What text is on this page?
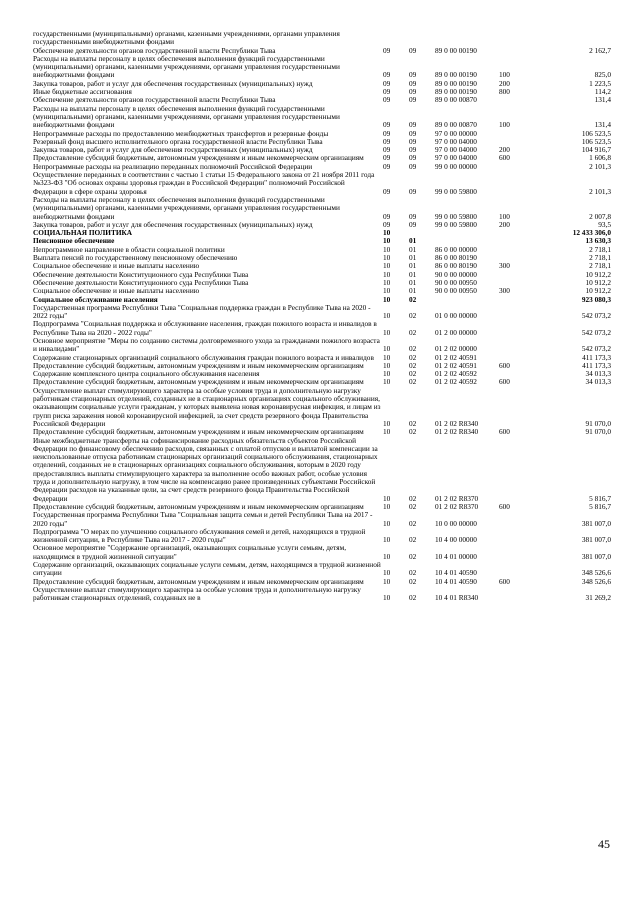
государственными (муниципальными) органами, казенными учреждениями, органами управления государственными внебюджетными фондами					
Обеспечение деятельности органов государственной власти Республики Тыва	09	09	89 0 00 00190		2 162,7
Расходы на выплаты персоналу в целях обеспечения выполнения функций государственными (муниципальными) органами, казенными учреждениями, органами управления государственными внебюджетными фондами	09	09	89 0 00 00190	100	825,0
Закупка товаров, работ и услуг для обеспечения государственных (муниципальных) нужд	09	09	89 0 00 00190	200	1 223,5
Иные бюджетные ассигнования	09	09	89 0 00 00190	800	114,2
Обеспечение деятельности органов государственной власти Республики Тыва	09	09	89 0 00 00870		131,4
Расходы на выплаты персоналу в целях обеспечения выполнения функций государственными (муниципальными) органами, казенными учреждениями, органами управления государственными внебюджетными фондами	09	09	89 0 00 00870	100	131,4
Непрограммные расходы по предоставлению межбюджетных трансфертов и резервные фонды	09	09	97 0 00 00000		106 523,5
Резервный фонд высшего исполнительного органа государственной власти Республики Тыва	09	09	97 0 00 04000		106 523,5
Закупка товаров, работ и услуг для обеспечения государственных (муниципальных) нужд	09	09	97 0 00 04000	200	104 916,7
Предоставление субсидий бюджетным, автономным учреждениям и иным некоммерческим организациям	09	09	97 0 00 04000	600	1 606,8
Непрограммные расходы на реализацию переданных полномочий Российской Федерации	09	09	99 0 00 00000		2 101,3
Осуществление переданных в соответствии с частью 1 статьи 15 Федерального закона от 21 ноября 2011 года №323-ФЗ "Об основах охраны здоровья граждан в Российской Федерации" полномочий Российской Федерации в сфере охраны здоровья	09	09	99 0 00 59800		2 101,3
Расходы на выплаты персоналу в целях обеспечения выполнения функций государственными (муниципальными) органами, казенными учреждениями, органами управления государственными внебюджетными фондами	09	09	99 0 00 59800	100	2 007,8
Закупка товаров, работ и услуг для обеспечения государственных (муниципальных) нужд	09	09	99 0 00 59800	200	93,5
СОЦИАЛЬНАЯ ПОЛИТИКА	10				12 433 306,0
Пенсионное обеспечение	10	01			13 630,3
Непрограммное направление в области социальной политики	10	01	86 0 00 00000		2 718,1
Выплата пенсий по государственному пенсионному обеспечению	10	01	86 0 00 80190		2 718,1
Социальное обеспечение и иные выплаты населению	10	01	86 0 00 80190	300	2 718,1
Обеспечение деятельности Конституционного суда Республики Тыва	10	01	90 0 00 00000		10 912,2
Обеспечение деятельности Конституционного суда Республики Тыва	10	01	90 0 00 00950		10 912,2
Социальное обеспечение и иные выплаты населению	10	01	90 0 00 00950	300	10 912,2
Социальное обслуживание населения	10	02			923 080,3
Государственная программа Республики Тыва "Социальная поддержка граждан в Республике Тыва на 2020 - 2022 годы"	10	02	01 0 00 00000		542 073,2
Подпрограмма "Социальная поддержка и обслуживание населения, граждан пожилого возраста и инвалидов в Республике Тыва на 2020 - 2022 годы"	10	02	01 2 00 00000		542 073,2
Основное мероприятие "Меры по созданию системы долговременного ухода за гражданами пожилого возраста и инвалидами"	10	02	01 2 02 00000		542 073,2
Содержание стационарных организаций социального обслуживания граждан пожилого возраста и инвалидов	10	02	01 2 02 40591		411 173,3
Предоставление субсидий бюджетным, автономным учреждениям и иным некоммерческим организациям	10	02	01 2 02 40591	600	411 173,3
Содержание комплексного центра социального обслуживания населения	10	02	01 2 02 40592		34 013,3
Предоставление субсидий бюджетным, автономным учреждениям и иным некоммерческим организациям	10	02	01 2 02 40592	600	34 013,3
Осуществление выплат стимулирующего характера за особые условия труда и дополнительную нагрузку работникам стационарных отделений, созданных не в стационарных организациях социального обслуживания, оказывающим социальные услуги гражданам, у которых выявлена новая коронавирусная инфекция, и лицам из групп риска заражения новой коронавирусной инфекцией, за счет средств резервного фонда Правительства Российской Федерации	10	02	01 2 02 R8340		91 070,0
Предоставление субсидий бюджетным, автономным учреждениям и иным некоммерческим организациям	10	02	01 2 02 R8340	600	91 070,0
Иные межбюджетные трансферты на софинансирование расходных обязательств субъектов Российской Федерации по финансовому обеспечению расходов, связанных с оплатой отпусков и выплатой компенсации за неиспользованные отпуска работникам стационарных организаций социального обслуживания, стационарных отделений, созданных не в стационарных организациях социального обслуживания, которым в 2020 году предоставлялись выплаты стимулирующего характера за выполнение особо важных работ, особые условия труда и дополнительную нагрузку, в том числе на компенсацию ранее произведенных субъектами Российской Федерации расходов на указанные цели, за счет средств резервного фонда Правительства Российской Федерации	10	02	01 2 02 R8370		5 816,7
Предоставление субсидий бюджетным, автономным учреждениям и иным некоммерческим организациям	10	02	01 2 02 R8370	600	5 816,7
Государственная программа Республики Тыва "Социальная защита семьи и детей Республики Тыва на 2017 - 2020 годы"	10	02	10 0 00 00000		381 007,0
Подпрограмма "О мерах по улучшению социального обслуживания семей и детей, находящихся в трудной жизненной ситуации, в Республике Тыва на 2017 - 2020 годы"	10	02	10 4 00 00000		381 007,0
Основное мероприятие "Содержание организаций, оказывающих социальные услуги семьям, детям, находящимся в трудной жизненной ситуации"	10	02	10 4 01 00000		381 007,0
Содержание организаций, оказывающих социальные услуги семьям, детям, находящимся в трудной жизненной ситуации	10	02	10 4 01 40590		348 526,6
Предоставление субсидий бюджетным, автономным учреждениям и иным некоммерческим организациям	10	02	10 4 01 40590	600	348 526,6
Осуществление выплат стимулирующего характера за особые условия труда и дополнительную нагрузку работникам стационарных отделений, созданных не в	10	02	10 4 01 R8340		31 269,2
45
